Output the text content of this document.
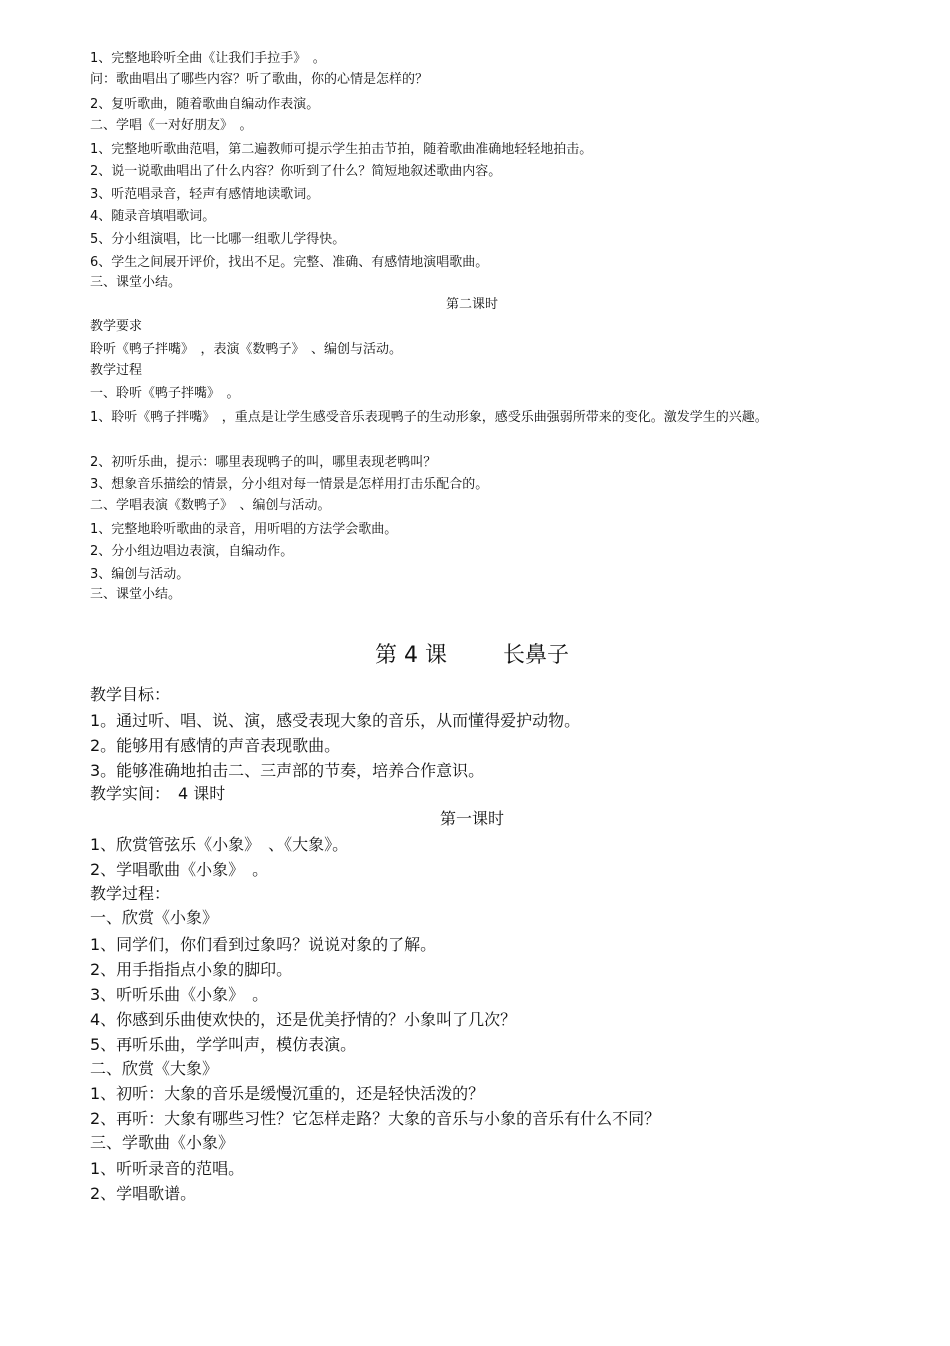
1、完整地聆听全曲《让我们手拉手》　。
问：歌曲唱出了哪些内容？听了歌曲，你的心情是怎样的？
2、复听歌曲，随着歌曲自编动作表演。
二、学唱《一对好朋友》　。
1、完整地听歌曲范唱，第二遍教师可提示学生拍击节拍，随着歌曲准确地轻轻地拍击。
2、说一说歌曲唱出了什么内容？你听到了什么？简短地叙述歌曲内容。
3、听范唱录音，轻声有感情地读歌词。
4、随录音填唱歌词。
5、分小组演唱，比一比哪一组歌儿学得快。
6、学生之间展开评价，找出不足。完整、准确、有感情地演唱歌曲。
三、课堂小结。
第二课时
教学要求
聆听《鸭子拌嘴》　，表演《数鸭子》　、编创与活动。
教学过程
一、聆听《鸭子拌嘴》　。
1、聆听《鸭子拌嘴》　，重点是让学生感受音乐表现鸭子的生动形象，感受乐曲强弱所带来的变化。激发学生的兴趣。
2、初听乐曲，提示：哪里表现鸭子的叫，哪里表现老鸭叫？
3、想象音乐描绘的情景，分小组对每一情景是怎样用打击乐配合的。
二、学唱表演《数鸭子》　、编创与活动。
1、完整地聆听歌曲的录音，用听唱的方法学会歌曲。
2、分小组边唱边表演，自编动作。
3、编创与活动。
三、课堂小结。
第 4 课	长鼻子
教学目标：
1。通过听、唱、说、演，感受表现大象的音乐，从而懂得爱护动物。
2。能够用有感情的声音表现歌曲。
3。能够准确地拍击二、三声部的节奏，培养合作意识。
教学实间：　4 课时
第一课时
1、欣赏管弦乐《小象》　、《大象》。
2、学唱歌曲《小象》　。
教学过程：
一、欣赏《小象》
1、同学们，你们看到过象吗？说说对象的了解。
2、用手指指点小象的脚印。
3、听听乐曲《小象》　。
4、你感到乐曲使欢快的，还是优美抒情的？小象叫了几次？
5、再听乐曲，学学叫声，模仿表演。
二、欣赏《大象》
1、初听：大象的音乐是缓慢沉重的，还是轻快活泼的？
2、再听：大象有哪些习性？它怎样走路？大象的音乐与小象的音乐有什么不同？
三、学歌曲《小象》
1、听听录音的范唱。
2、学唱歌谱。
